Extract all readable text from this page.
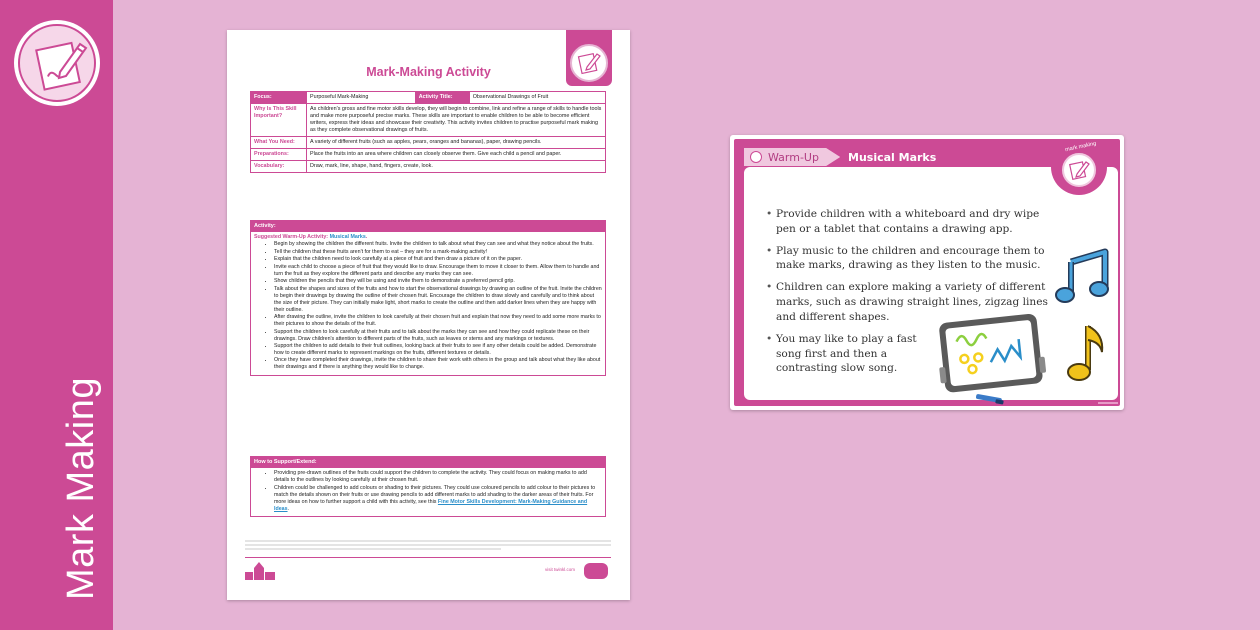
Mark Making
Mark-Making Activity
Focus:	Purposeful Mark-Making	Activity Title:	Observational Drawings of Fruit
Why Is This Skill Important?	As children's gross and fine motor skills develop, they will begin to combine, link and refine a range of skills to handle tools and make more purposeful precise marks. These skills are important to enable children to be able to become efficient writers, express their ideas and showcase their creativity. This activity invites children to practise purposeful mark making as they complete observational drawings of fruits.		
What You Need:	A variety of different fruits (such as apples, pears, oranges and bananas), paper, drawing pencils.		
Preparations:	Place the fruits into an area where children can closely observe them. Give each child a pencil and paper.		
Vocabulary:	Draw, mark, line, shape, hand, fingers, create, look.		
Activity:
Suggested Warm-Up Activity: Musical Marks.
• Begin by showing the children the different fruits. Invite the children to talk about what they can see and what they notice about the fruits.
• Tell the children that these fruits aren't for them to eat – they are for a mark-making activity!
• Explain that the children need to look carefully at a piece of fruit and then draw a picture of it on the paper.
• Invite each child to choose a piece of fruit that they would like to draw. Encourage them to move it closer to them. Allow them to handle and turn the fruit as they explore the different parts and describe any marks they can see.
• Show children the pencils that they will be using and invite them to demonstrate a preferred pencil grip.
• Talk about the shapes and sizes of the fruits and how to start the observational drawings by drawing an outline of the fruit. Invite the children to begin their drawings by drawing the outline of their chosen fruit. Encourage the children to draw slowly and carefully and to think about the size of their picture. They can initially make light, short marks to create the outline and then add darker lines when they are happy with their outline.
• After drawing the outline, invite the children to look carefully at their chosen fruit and explain that now they need to add some more marks to their pictures to show the details of the fruit.
• Support the children to look carefully at their fruits and to talk about the marks they can see and how they could replicate these on their drawings. Draw children's attention to different parts of the fruits, such as leaves or stems and any markings or textures.
• Support the children to add details to their fruit outlines, looking back at their fruits to see if any other details could be added. Demonstrate how to create different marks to represent markings on the fruits, different textures or details.
• Once they have completed their drawings, invite the children to share their work with others in the group and talk about what they like about their drawings and if there is anything they would like to change.
How to Support/Extend:
• Providing pre-drawn outlines of the fruits could support the children to complete the activity. They could focus on making marks to add details to the outlines by looking carefully at their chosen fruit.
• Children could be challenged to add colours or shading to their pictures. They could use coloured pencils to add colour to their pictures to match the details shown on their fruits or use drawing pencils to add different marks to add shading to the darker areas of their fruits. For more ideas on how to further support a child with this activity, see this Fine Motor Skills Development: Mark-Making Guidance and Ideas.
visit twinkl.com
Warm-Up	Musical Marks
• Provide children with a whiteboard and dry wipe pen or a tablet that contains a drawing app.
• Play music to the children and encourage them to make marks, drawing as they listen to the music.
• Children can explore making a variety of different marks, such as drawing straight lines, zigzag lines and different shapes.
• You may like to play a fast song first and then a contrasting slow song.
mark making
